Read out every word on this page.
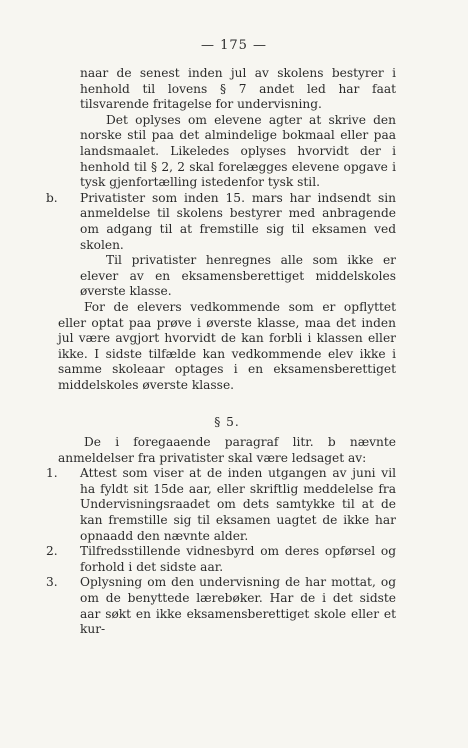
— 175 —

naar de senest inden jul av skolens bestyrer i henhold til lovens § 7 andet led har faat tilsvarende fritagelse for undervisning.

Det oplyses om elevene agter at skrive den norske stil paa det almindelige bokmaal eller paa landsmaalet. Likeledes oplyses hvorvidt der i henhold til § 2, 2 skal forelægges elevene opgave i tysk gjenfortælling istedenfor tysk stil.

b. Privatister som inden 15. mars har indsendt sin anmeldelse til skolens bestyrer med anbragende om adgang til at fremstille sig til eksamen ved skolen.

Til privatister henregnes alle som ikke er elever av en eksamensberettiget middelskoles øverste klasse.

For de elevers vedkommende som er opflyttet eller optat paa prøve i øverste klasse, maa det inden jul være avgjort hvorvidt de kan forbli i klassen eller ikke. I sidste tilfælde kan vedkommende elev ikke i samme skoleaar optages i en eksamensberettiget middelskoles øverste klasse.

§ 5.

De i foregaaende paragraf litr. b nævnte anmeldelser fra privatister skal være ledsaget av:

1. Attest som viser at de inden utgangen av juni vil ha fyldt sit 15de aar, eller skriftlig meddelelse fra Undervisningsraadet om dets samtykke til at de kan fremstille sig til eksamen uagtet de ikke har opnaadd den nævnte alder.

2. Tilfredsstillende vidnesbyrd om deres opførsel og forhold i det sidste aar.

3. Oplysning om den undervisning de har mottat, og om de benyttede lærebøker. Har de i det sidste aar søkt en ikke eksamensberettiget skole eller et kur-
